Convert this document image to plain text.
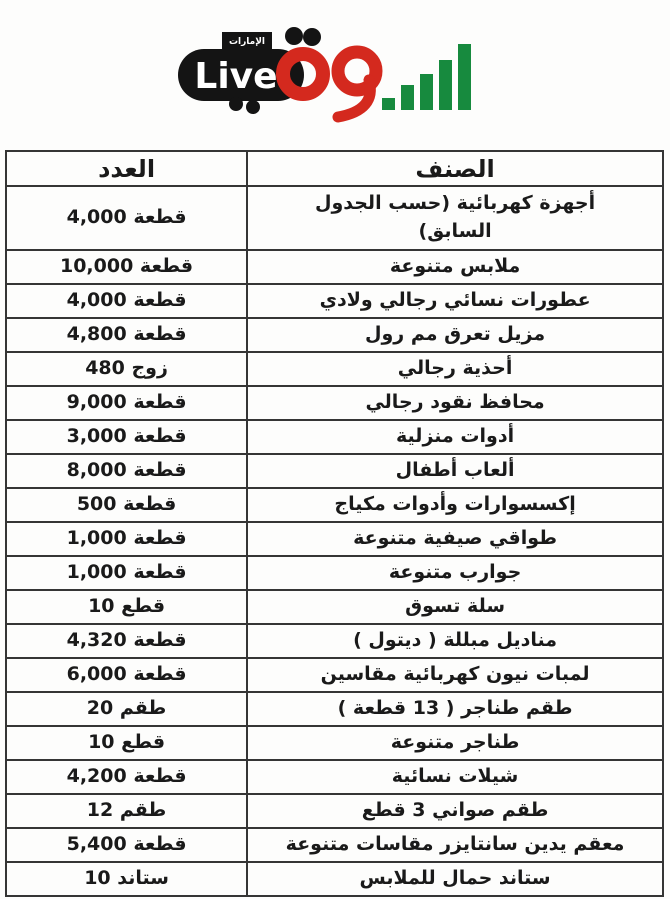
الإمارات
Live
الصنف	العدد
أجهزة كهربائية (حسب الجدول السابق)	4,000 قطعة
ملابس متنوعة	10,000 قطعة
عطورات نسائي رجالي ولادي	4,000 قطعة
مزيل تعرق مم رول	4,800 قطعة
أحذية رجالي	480 زوج
محافظ نقود رجالي	9,000 قطعة
أدوات منزلية	3,000 قطعة
ألعاب أطفال	8,000 قطعة
إكسسوارات وأدوات مكياج	500 قطعة
طواقي صيفية متنوعة	1,000 قطعة
جوارب متنوعة	1,000 قطعة
سلة تسوق	10 قطع
مناديل مبللة ( ديتول )	4,320 قطعة
لمبات نيون كهربائية مقاسين	6,000 قطعة
طقم طناجر ( 13 قطعة )	20 طقم
طناجر متنوعة	10 قطع
شيلات نسائية	4,200 قطعة
طقم صواني 3 قطع	12 طقم
معقم يدين سانتايزر مقاسات متنوعة	5,400 قطعة
ستاند حمال للملابس	10 ستاند
